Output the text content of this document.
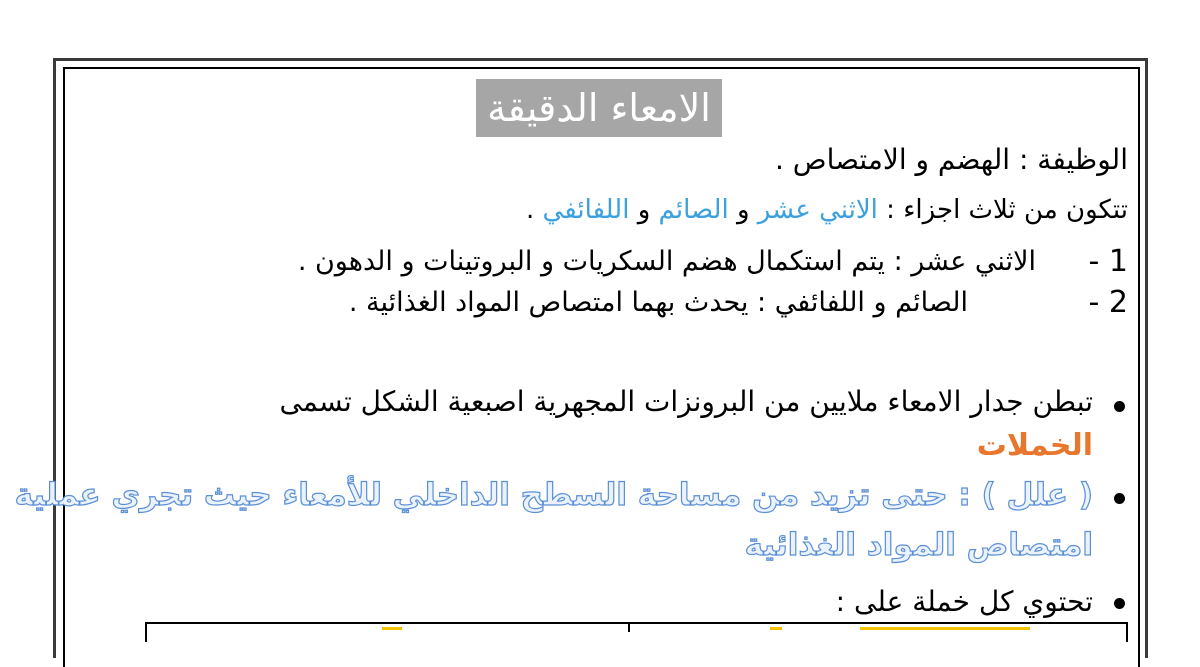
الامعاء الدقيقة
الوظيفة : الهضم و الامتصاص .
تتكون من ثلاث اجزاء : الاثني عشر و الصائم و اللفائفي .
1 -
الاثني عشر : يتم استكمال هضم السكريات و البروتينات و الدهون .
2 -
الصائم و اللفائفي : يحدث بهما امتصاص المواد الغذائية .
تبطن جدار الامعاء ملايين من البرونزات المجهرية اصبعية الشكل تسمى
الخملات
( علل ) : حتى تزيد من مساحة السطح الداخلي للأمعاء حيث تجري عملية
امتصاص المواد الغذائية
تحتوي كل خملة على :
